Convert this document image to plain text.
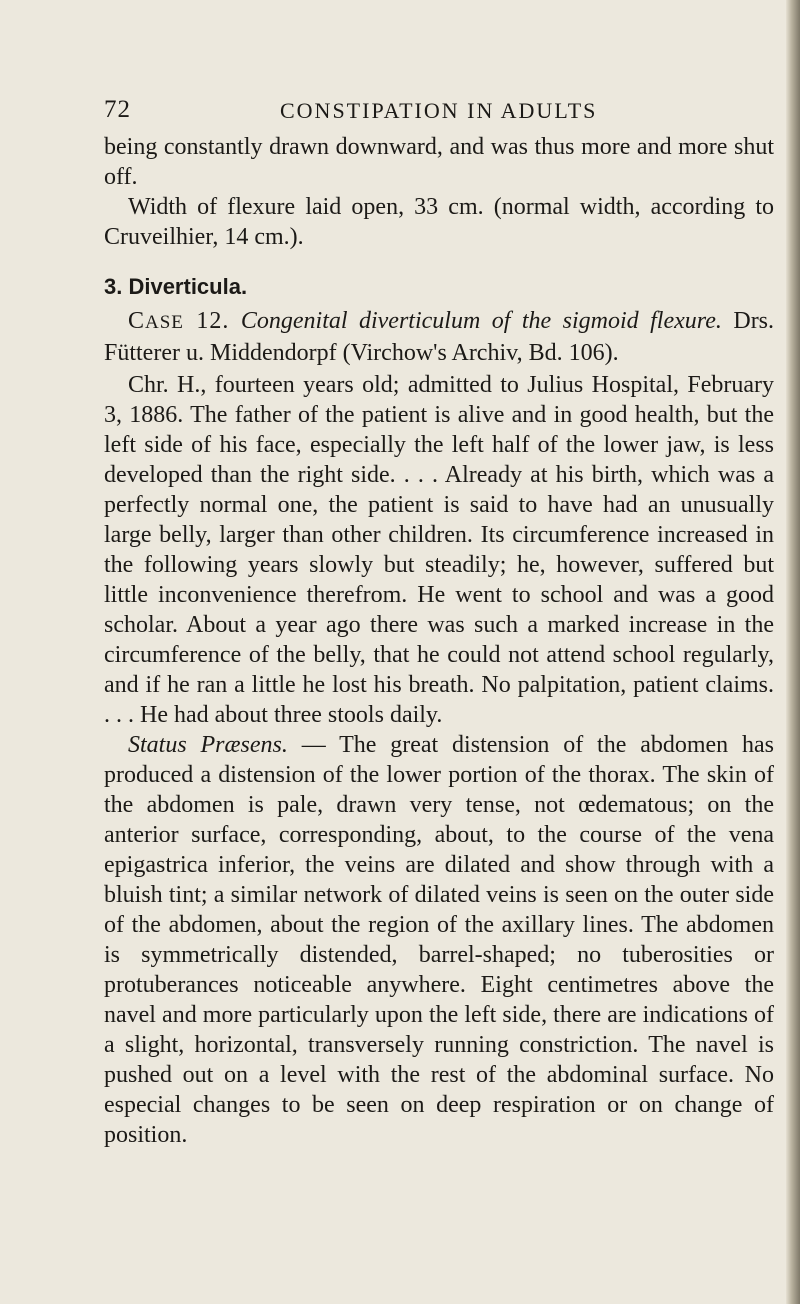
72	CONSTIPATION IN ADULTS

being constantly drawn downward, and was thus more and more shut off.

Width of flexure laid open, 33 cm. (normal width, according to Cruveilhier, 14 cm.).

3. Diverticula.

CASE 12. Congenital diverticulum of the sigmoid flexure. Drs. Fütterer u. Middendorpf (Virchow's Archiv, Bd. 106).

Chr. H., fourteen years old; admitted to Julius Hospital, February 3, 1886. The father of the patient is alive and in good health, but the left side of his face, especially the left half of the lower jaw, is less developed than the right side. . . . Already at his birth, which was a perfectly normal one, the patient is said to have had an unusually large belly, larger than other children. Its circumference increased in the following years slowly but steadily; he, however, suffered but little inconvenience therefrom. He went to school and was a good scholar. About a year ago there was such a marked increase in the circumference of the belly, that he could not attend school regularly, and if he ran a little he lost his breath. No palpitation, patient claims. . . . He had about three stools daily.

Status Præsens. — The great distension of the abdomen has produced a distension of the lower portion of the thorax. The skin of the abdomen is pale, drawn very tense, not œdematous; on the anterior surface, corresponding, about, to the course of the vena epigastrica inferior, the veins are dilated and show through with a bluish tint; a similar network of dilated veins is seen on the outer side of the abdomen, about the region of the axillary lines. The abdomen is symmetrically distended, barrel-shaped; no tuberosities or protuberances noticeable anywhere. Eight centimetres above the navel and more particularly upon the left side, there are indications of a slight, horizontal, transversely running constriction. The navel is pushed out on a level with the rest of the abdominal surface. No especial changes to be seen on deep respiration or on change of position.
